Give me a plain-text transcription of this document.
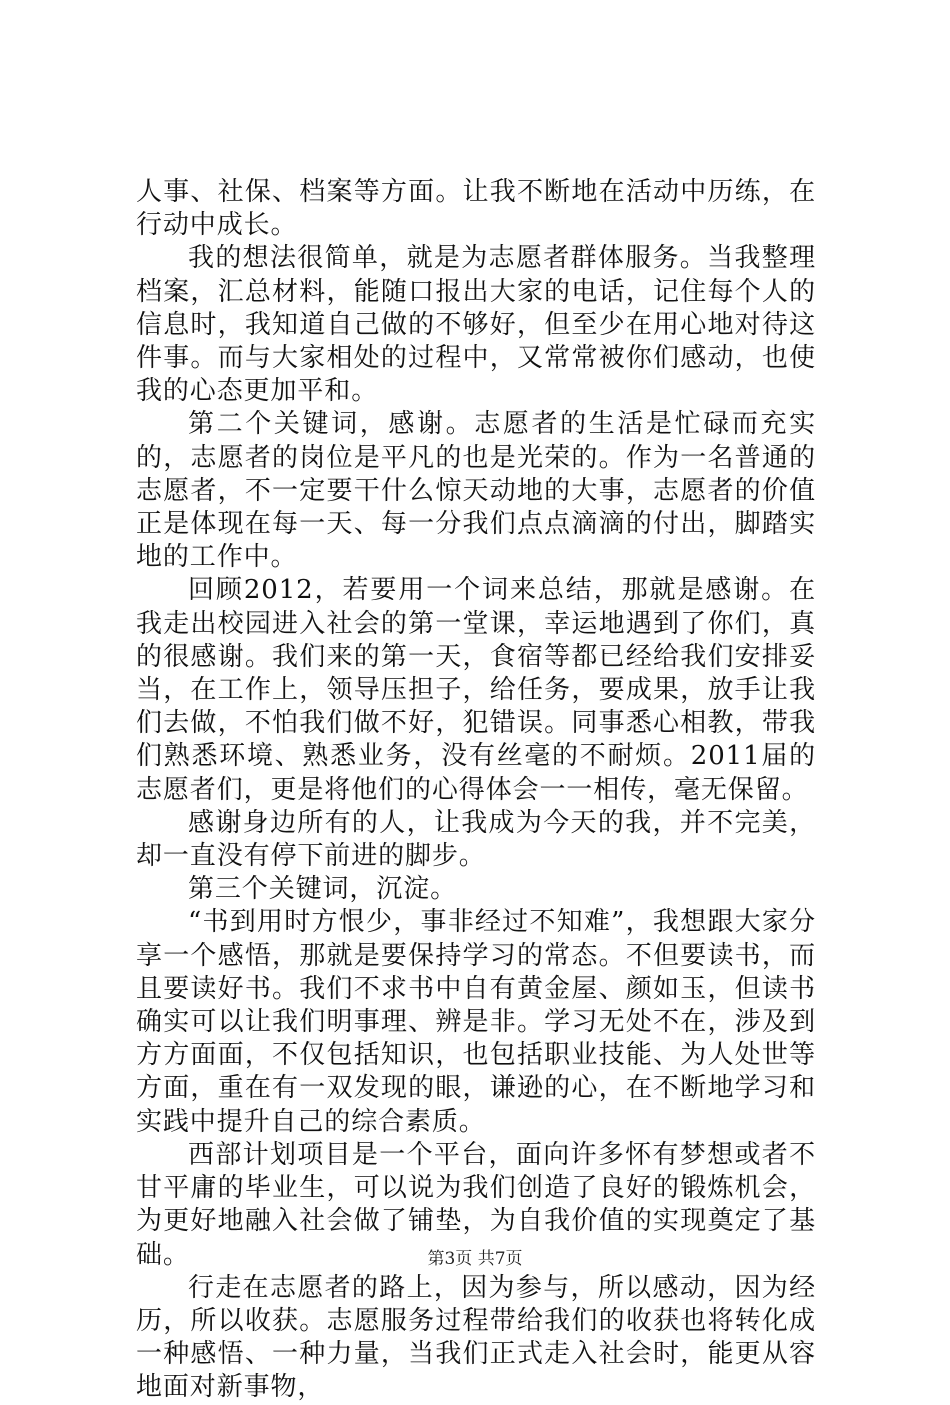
人事、社保、档案等方面。让我不断地在活动中历练，在行动中成长。

我的想法很简单，就是为志愿者群体服务。当我整理档案，汇总材料，能随口报出大家的电话，记住每个人的信息时，我知道自己做的不够好，但至少在用心地对待这件事。而与大家相处的过程中，又常常被你们感动，也使我的心态更加平和。

第二个关键词，感谢。志愿者的生活是忙碌而充实的，志愿者的岗位是平凡的也是光荣的。作为一名普通的志愿者，不一定要干什么惊天动地的大事，志愿者的价值正是体现在每一天、每一分我们点点滴滴的付出，脚踏实地的工作中。

回顾2012，若要用一个词来总结，那就是感谢。在我走出校园进入社会的第一堂课，幸运地遇到了你们，真的很感谢。我们来的第一天，食宿等都已经给我们安排妥当，在工作上，领导压担子，给任务，要成果，放手让我们去做，不怕我们做不好，犯错误。同事悉心相教，带我们熟悉环境、熟悉业务，没有丝毫的不耐烦。2011届的志愿者们，更是将他们的心得体会一一相传，毫无保留。

感谢身边所有的人，让我成为今天的我，并不完美，却一直没有停下前进的脚步。

第三个关键词，沉淀。

“书到用时方恨少，事非经过不知难”，我想跟大家分享一个感悟，那就是要保持学习的常态。不但要读书，而且要读好书。我们不求书中自有黄金屋、颜如玉，但读书确实可以让我们明事理、辨是非。学习无处不在，涉及到方方面面，不仅包括知识，也包括职业技能、为人处世等方面，重在有一双发现的眼，谦逊的心，在不断地学习和实践中提升自己的综合素质。

西部计划项目是一个平台，面向许多怀有梦想或者不甘平庸的毕业生，可以说为我们创造了良好的锻炼机会，为更好地融入社会做了铺垫，为自我价值的实现奠定了基础。

行走在志愿者的路上，因为参与，所以感动，因为经历，所以收获。志愿服务过程带给我们的收获也将转化成一种感悟、一种力量，当我们正式走入社会时，能更从容地面对新事物，

第3页 共7页
